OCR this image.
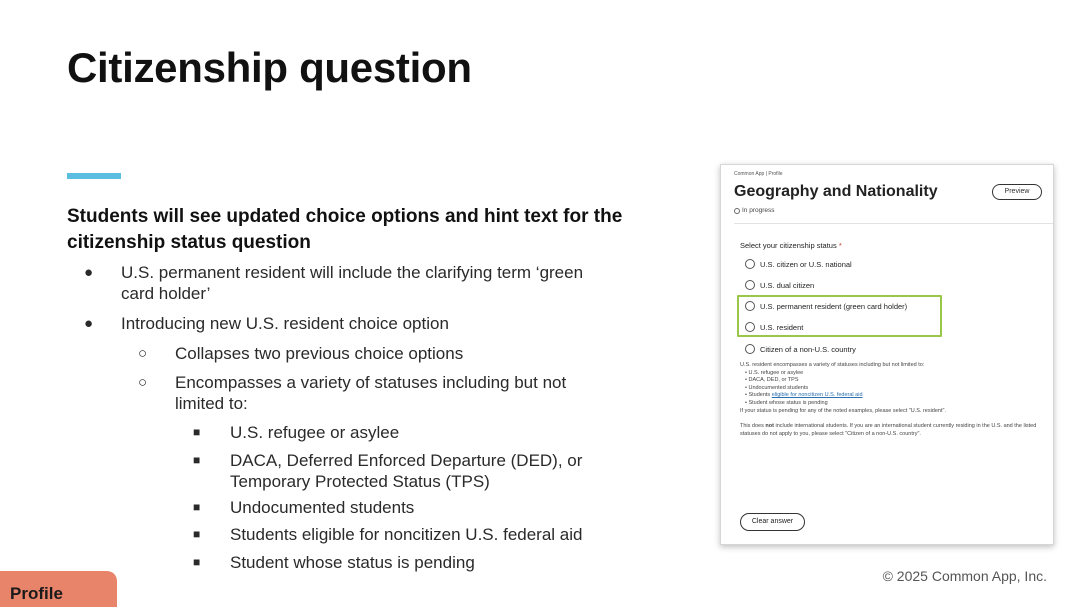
Citizenship question
Students will see updated choice options and hint text for the citizenship status question
● U.S. permanent resident will include the clarifying term ‘green card holder’
● Introducing new U.S. resident choice option
○ Collapses two previous choice options
○ Encompasses a variety of statuses including but not limited to:
■ U.S. refugee or asylee
■ DACA, Deferred Enforced Departure (DED), or Temporary Protected Status (TPS)
■ Undocumented students
■ Students eligible for noncitizen U.S. federal aid
■ Student whose status is pending
Common App | Profile
Geography and Nationality	Preview
In progress
Select your citizenship status *
U.S. citizen or U.S. national
U.S. dual citizen
U.S. permanent resident (green card holder)
U.S. resident
Citizen of a non-U.S. country
U.S. resident encompasses a variety of statuses including but not limited to:
• U.S. refugee or asylee
• DACA, DED, or TPS
• Undocumented students
• Students eligible for noncitizen U.S. federal aid
• Student whose status is pending
If your status is pending for any of the noted examples, please select "U.S. resident".
This does not include international students. If you are an international student currently residing in the U.S. and the listed statuses do not apply to you, please select "Citizen of a non-U.S. country".
Clear answer
Profile
© 2025 Common App, Inc.
